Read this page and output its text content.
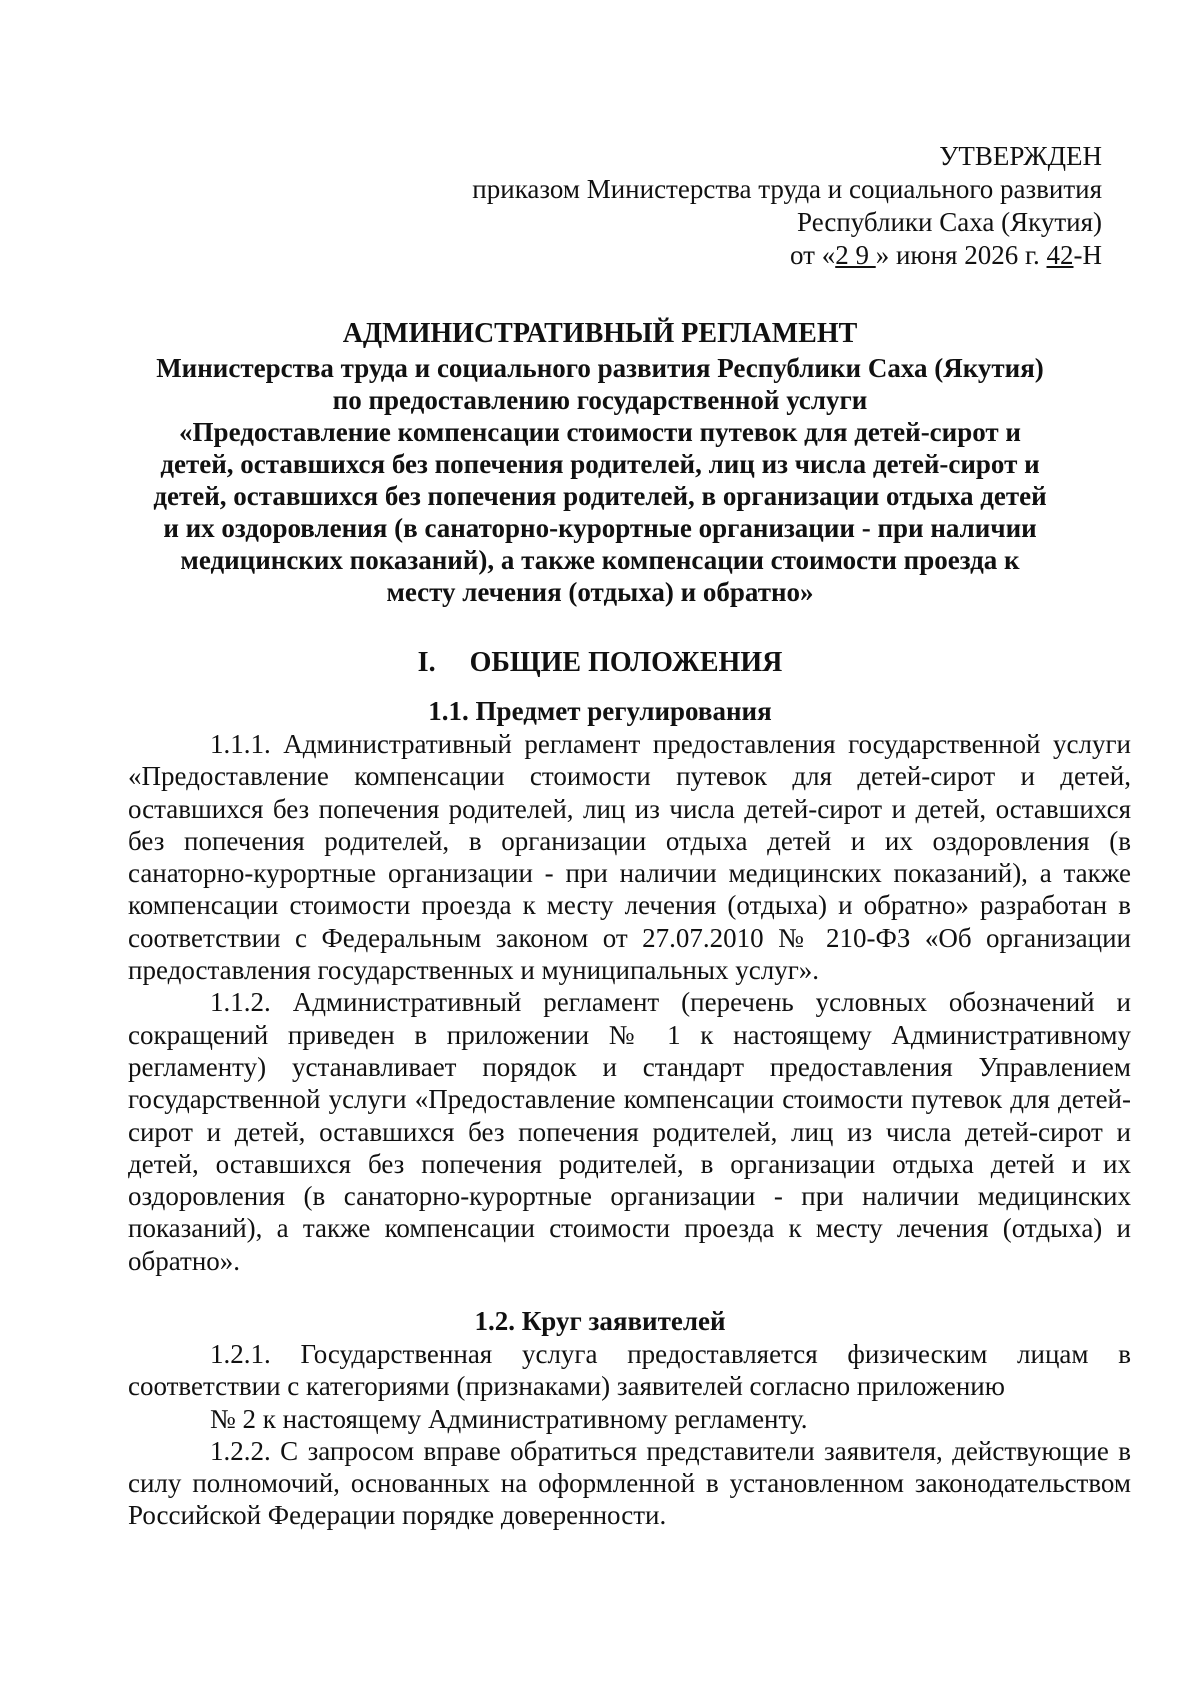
УТВЕРЖДЕН
приказом Министерства труда и социального развития
Республики Саха (Якутия)
от «2 9 » июня 2026 г. 42-Н
АДМИНИСТРАТИВНЫЙ РЕГЛАМЕНТ
Министерства труда и социального развития Республики Саха (Якутия)
по предоставлению государственной услуги
«Предоставление компенсации стоимости путевок для детей-сирот и
детей, оставшихся без попечения родителей, лиц из числа детей-сирот и
детей, оставшихся без попечения родителей, в организации отдыха детей
и их оздоровления (в санаторно-курортные организации - при наличии
медицинских показаний), а также компенсации стоимости проезда к
месту лечения (отдыха) и обратно»
I. ОБЩИЕ ПОЛОЖЕНИЯ
1.1. Предмет регулирования

1.1.1. Административный регламент предоставления государственной услуги «Предоставление компенсации стоимости путевок для детей-сирот и детей, оставшихся без попечения родителей, лиц из числа детей-сирот и детей, оставшихся без попечения родителей, в организации отдыха детей и их оздоровления (в санаторно-курортные организации - при наличии медицинских показаний), а также компенсации стоимости проезда к месту лечения (отдыха) и обратно» разработан в соответствии с Федеральным законом от 27.07.2010 № 210-ФЗ «Об организации предоставления государственных и муниципальных услуг».

1.1.2. Административный регламент (перечень условных обозначений и сокращений приведен в приложении № 1 к настоящему Административному регламенту) устанавливает порядок и стандарт предоставления Управлением государственной услуги «Предоставление компенсации стоимости путевок для детей-сирот и детей, оставшихся без попечения родителей, лиц из числа детей-сирот и детей, оставшихся без попечения родителей, в организации отдыха детей и их оздоровления (в санаторно-курортные организации - при наличии медицинских показаний), а также компенсации стоимости проезда к месту лечения (отдыха) и обратно».

1.2. Круг заявителей

1.2.1. Государственная услуга предоставляется физическим лицам в соответствии с категориями (признаками) заявителей согласно приложению

№ 2 к настоящему Административному регламенту.

1.2.2. С запросом вправе обратиться представители заявителя, действующие в силу полномочий, основанных на оформленной в установленном законодательством Российской Федерации порядке доверенности.
